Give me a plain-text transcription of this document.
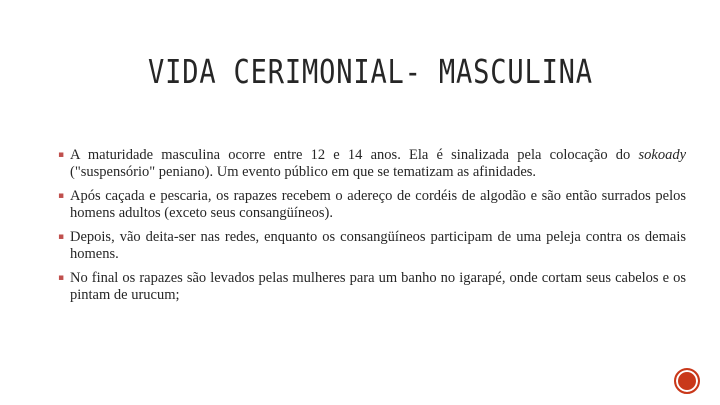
VIDA CERIMONIAL- MASCULINA
▪ A maturidade masculina ocorre entre 12 e 14 anos. Ela é sinalizada pela colocação do sokoady ("suspensório" peniano). Um evento público em que se tematizam as afinidades.
▪ Após caçada e pescaria, os rapazes recebem o adereço de cordéis de algodão e são então surrados pelos homens adultos (exceto seus consangüíneos).
▪ Depois, vão deita-ser nas redes, enquanto os consangüíneos participam de uma peleja contra os demais homens.
▪ No final os rapazes são levados pelas mulheres para um banho no igarapé, onde cortam seus cabelos e os pintam de urucum;
